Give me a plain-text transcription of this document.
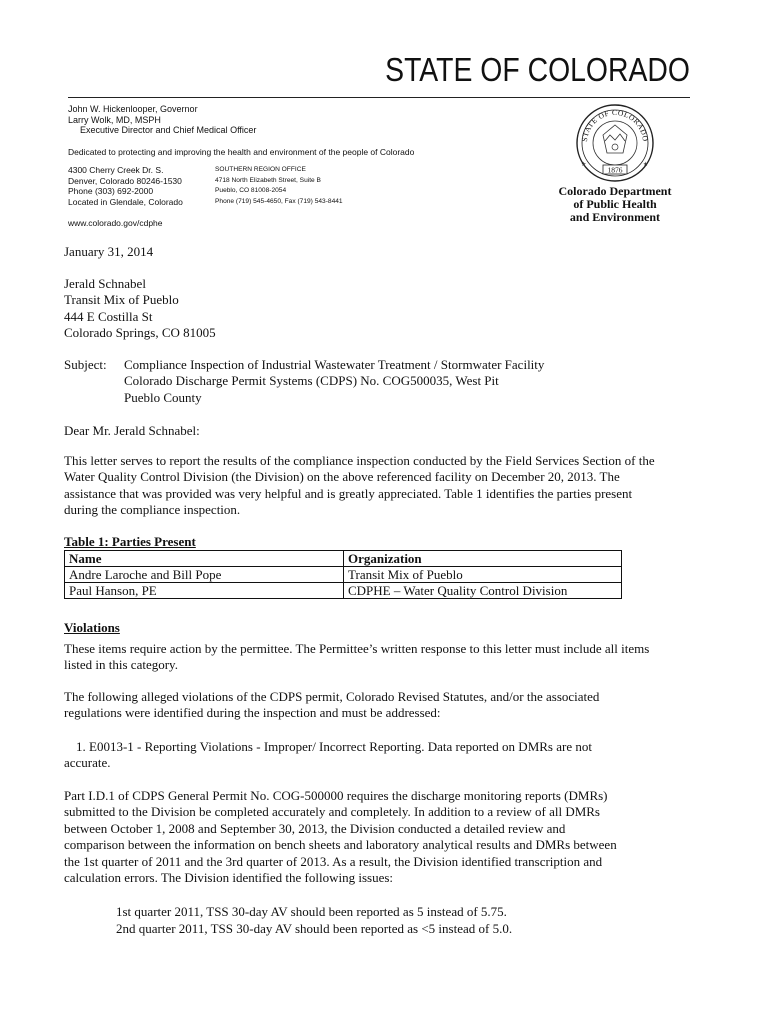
STATE OF COLORADO
John W. Hickenlooper, Governor
Larry Wolk, MD, MSPH
Executive Director and Chief Medical Officer
Dedicated to protecting and improving the health and environment of the people of Colorado
4300 Cherry Creek Dr. S.
Denver, Colorado 80246-1530
Phone (303) 692-2000
Located in Glendale, Colorado
SOUTHERN REGION OFFICE
4718 North Elizabeth Street, Suite B
Pueblo, CO 81008-2054
Phone (719) 545-4650, Fax (719) 543-8441
www.colorado.gov/cdphe
STATE OF COLORADO
1876
★	★
Colorado Department
of Public Health
and Environment
January 31, 2014
Jerald Schnabel
Transit Mix of Pueblo
444 E Costilla St
Colorado Springs, CO 81005
Subject:	Compliance Inspection of Industrial Wastewater Treatment / Stormwater Facility
Colorado Discharge Permit Systems (CDPS) No. COG500035, West Pit
Pueblo County
Dear Mr. Jerald Schnabel:
This letter serves to report the results of the compliance inspection conducted by the Field Services Section of the
Water Quality Control Division (the Division) on the above referenced facility on December 20, 2013. The
assistance that was provided was very helpful and is greatly appreciated. Table 1 identifies the parties present
during the compliance inspection.
Table 1: Parties Present
Name	Organization
Andre Laroche and Bill Pope	Transit Mix of Pueblo
Paul Hanson, PE	CDPHE – Water Quality Control Division
Violations
These items require action by the permittee. The Permittee’s written response to this letter must include all items
listed in this category.
The following alleged violations of the CDPS permit, Colorado Revised Statutes, and/or the associated
regulations were identified during the inspection and must be addressed:
1. E0013-1 - Reporting Violations - Improper/ Incorrect Reporting. Data reported on DMRs are not
accurate.
Part I.D.1 of CDPS General Permit No. COG-500000 requires the discharge monitoring reports (DMRs)
submitted to the Division be completed accurately and completely. In addition to a review of all DMRs
between October 1, 2008 and September 30, 2013, the Division conducted a detailed review and
comparison between the information on bench sheets and laboratory analytical results and DMRs between
the 1st quarter of 2011 and the 3rd quarter of 2013. As a result, the Division identified transcription and
calculation errors. The Division identified the following issues:
1st quarter 2011, TSS 30-day AV should been reported as 5 instead of 5.75.
2nd quarter 2011, TSS 30-day AV should been reported as <5 instead of 5.0.
